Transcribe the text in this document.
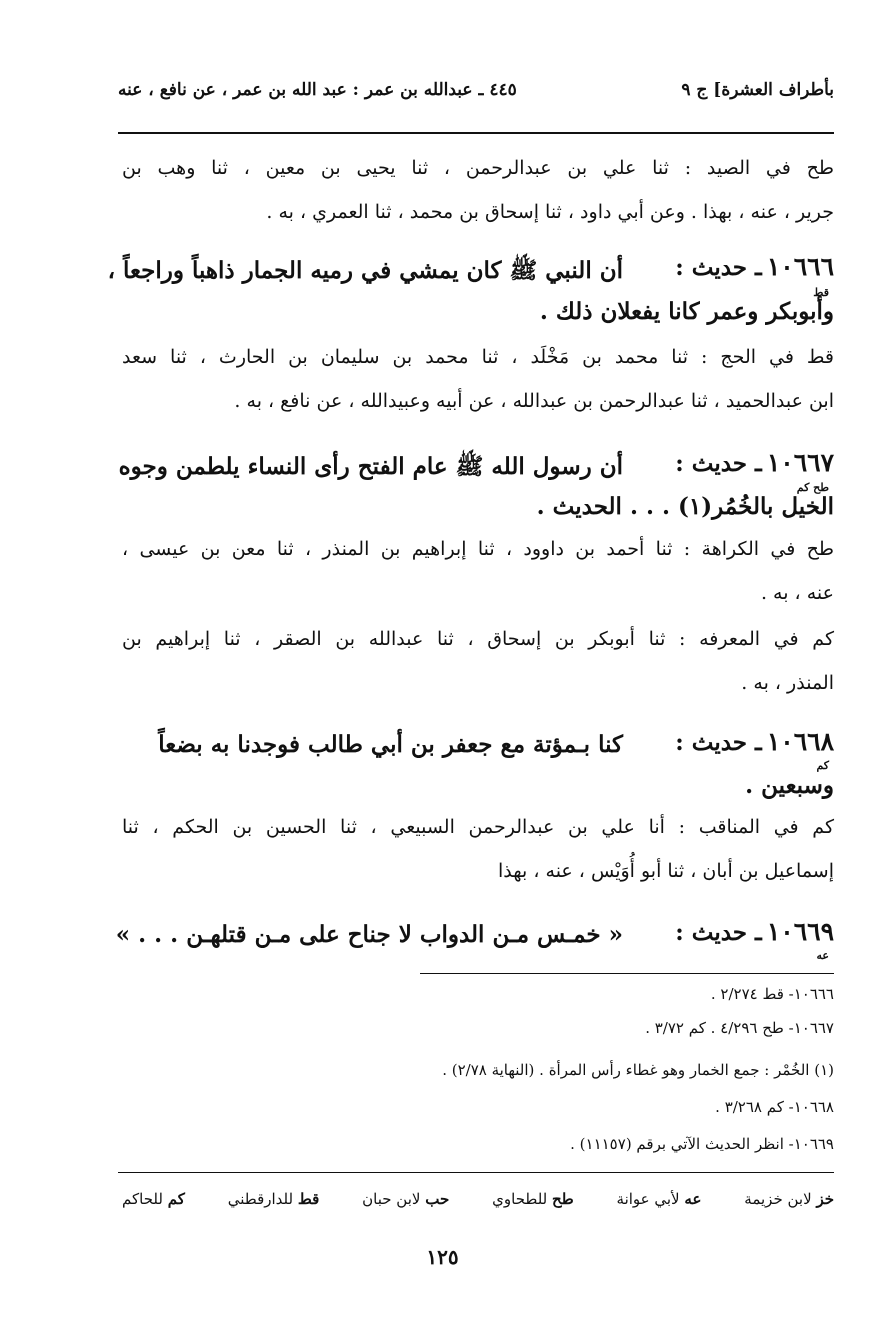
بأطراف العشرة] ج ٩
٤٤٥ ـ عبدالله بن عمر : عبد الله بن عمر ، عن نافع ، عنه
طح في الصيد : ثنا علي بن عبدالرحمن ، ثنا يحيى بن معين ، ثنا وهب بن
جرير ، عنه ، بهذا . وعن أبي داود ، ثنا إسحاق بن محمد ، ثنا العمري ، به .
١٠٦٦٦ ـ حديث :
أن النبي ﷺ كان يمشي في رميه الجمار ذاهباً وراجعاً ،
قط
وأبوبكر وعمر كانا يفعلان ذلك .
قط في الحج : ثنا محمد بن مَخْلَد ، ثنا محمد بن سليمان بن الحارث ، ثنا سعد
ابن عبدالحميد ، ثنا عبدالرحمن بن عبدالله ، عن أبيه وعبيدالله ، عن نافع ، به .
١٠٦٦٧ ـ حديث :
أن رسول الله ﷺ عام الفتح رأى النساء يلطمن وجوه
طح كم
الخيل بالخُمُر(١) . . . الحديث .
طح في الكراهة : ثنا أحمد بن داوود ، ثنا إبراهيم بن المنذر ، ثنا معن بن عيسى ،
عنه ، به .
كم في المعرفه : ثنا أبوبكر بن إسحاق ، ثنا عبدالله بن الصقر ، ثنا إبراهيم بن
المنذر ، به .
١٠٦٦٨ ـ حديث :
كنا بـمؤتة مع جعفر بن أبي طالب فوجدنا به بضعاً
كم
وسبعين .
كم في المناقب : أنا علي بن عبدالرحمن السبيعي ، ثنا الحسين بن الحكم ، ثنا
إسماعيل بن أبان ، ثنا أبو أُوَيْس ، عنه ، بهذا
١٠٦٦٩ ـ حديث :
« خمـس مـن الدواب لا جناح على مـن قتلهـن . . . »
عه
١٠٦٦٦- قط ٢/٢٧٤ .
١٠٦٦٧- طح ٤/٢٩٦ . كم ٣/٧٢ .
(١) الخُمْر : جمع الخمار وهو غطاء رأس المرأة . (النهاية ٢/٧٨) .
١٠٦٦٨- كم ٣/٢٦٨ .
١٠٦٦٩- انظر الحديث الآتي برقم (١١١٥٧) .
خز لابن خزيمة
عه لأبي عوانة
طح للطحاوي
حب لابن حبان
قط للدارقطني
كم للحاكم
١٢٥
